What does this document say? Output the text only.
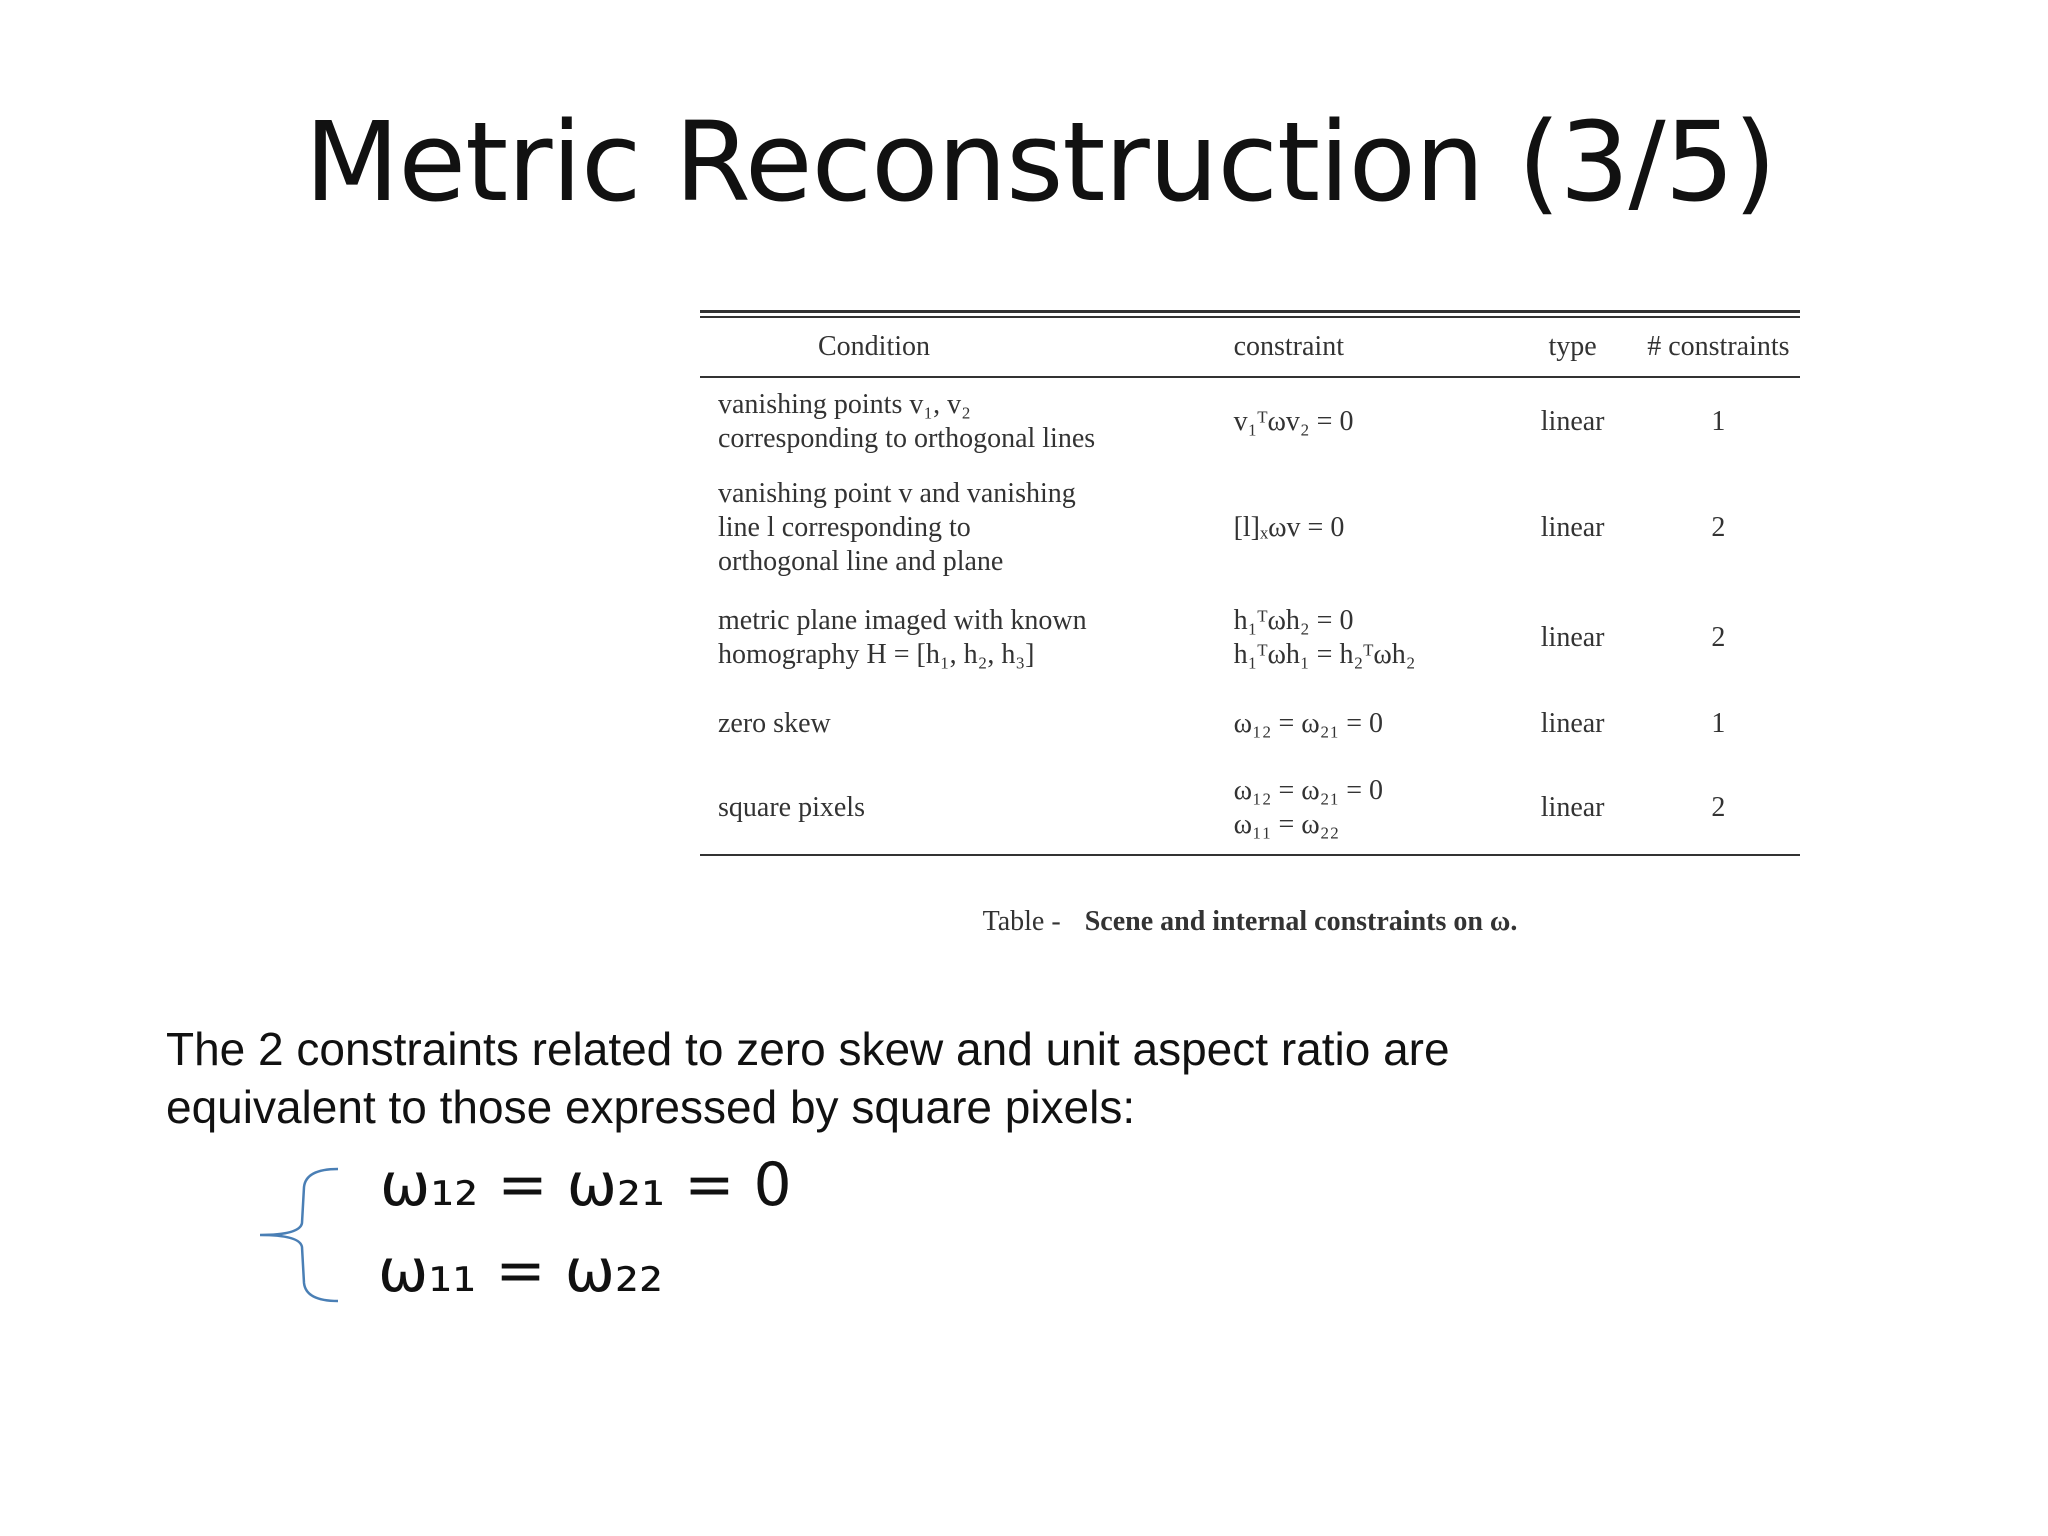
Metric Reconstruction (3/5)
Condition	constraint	type	# constraints

vanishing points v₁, v₂
corresponding to orthogonal lines	v₁ᵀωv₂ = 0	linear	1

vanishing point v and vanishing
line l corresponding to
orthogonal line and plane	[l]ₓωv = 0	linear	2

metric plane imaged with known
homography H = [h₁, h₂, h₃]	h₁ᵀωh₂ = 0
h₁ᵀωh₁ = h₂ᵀωh₂	linear	2

zero skew	ω₁₂ = ω₂₁ = 0	linear	1

square pixels	ω₁₂ = ω₂₁ = 0
ω₁₁ = ω₂₂	linear	2
Table - Scene and internal constraints on ω.
The 2 constraints related to zero skew and unit aspect ratio are
equivalent to those expressed by square pixels:
ω₁₂ = ω₂₁ = 0
ω₁₁ = ω₂₂
